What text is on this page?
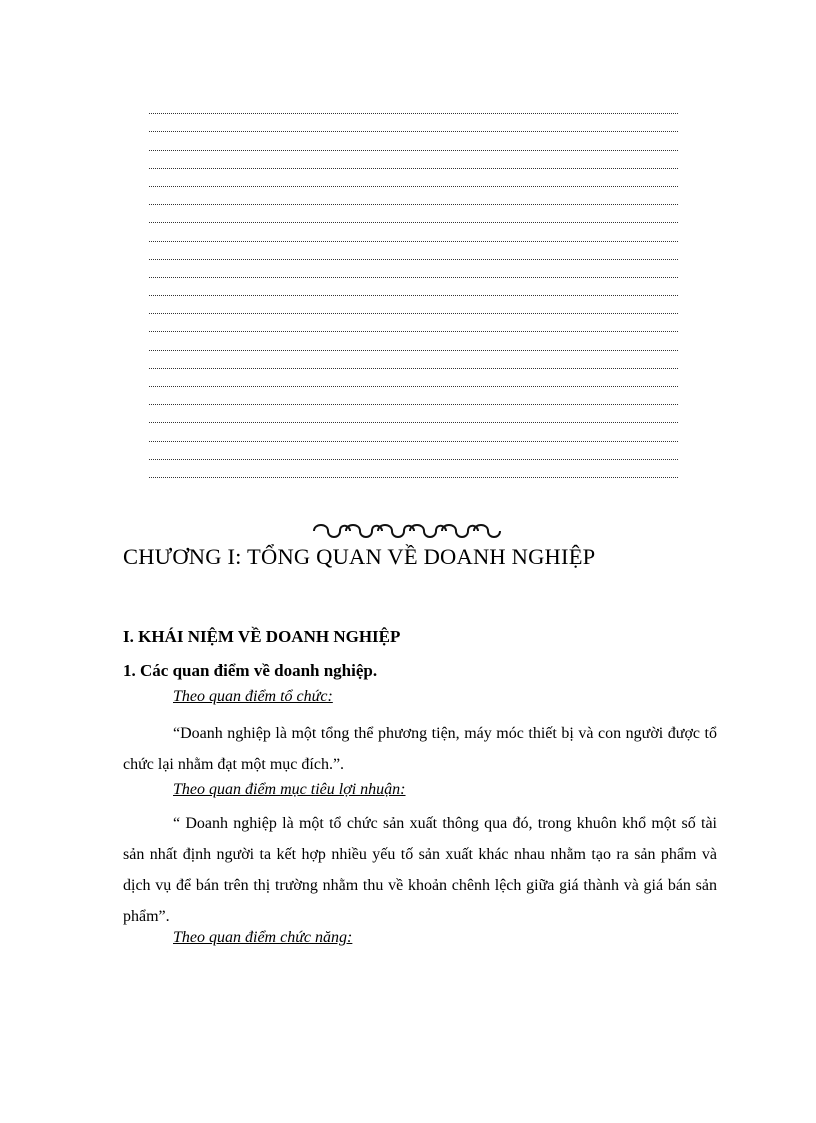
CHƯƠNG I: TỔNG QUAN VỀ DOANH NGHIỆP
I. KHÁI NIỆM VỀ DOANH NGHIỆP
1. Các quan điểm về doanh nghiệp.

Theo quan điểm tổ chức:

“Doanh nghiệp là một tổng thể phương tiện, máy móc thiết bị và con người được tổ chức lại nhằm đạt một mục đích.”.

Theo quan điểm mục tiêu lợi nhuận:

“ Doanh nghiệp là một tổ chức sản xuất thông qua đó, trong khuôn khổ một số tài sản nhất định người ta kết hợp nhiều yếu tố sản xuất khác nhau nhằm tạo ra sản phẩm và dịch vụ để bán trên thị trường nhằm thu về khoản chênh lệch giữa giá thành và giá bán sản phẩm”.

Theo quan điểm chức năng:
